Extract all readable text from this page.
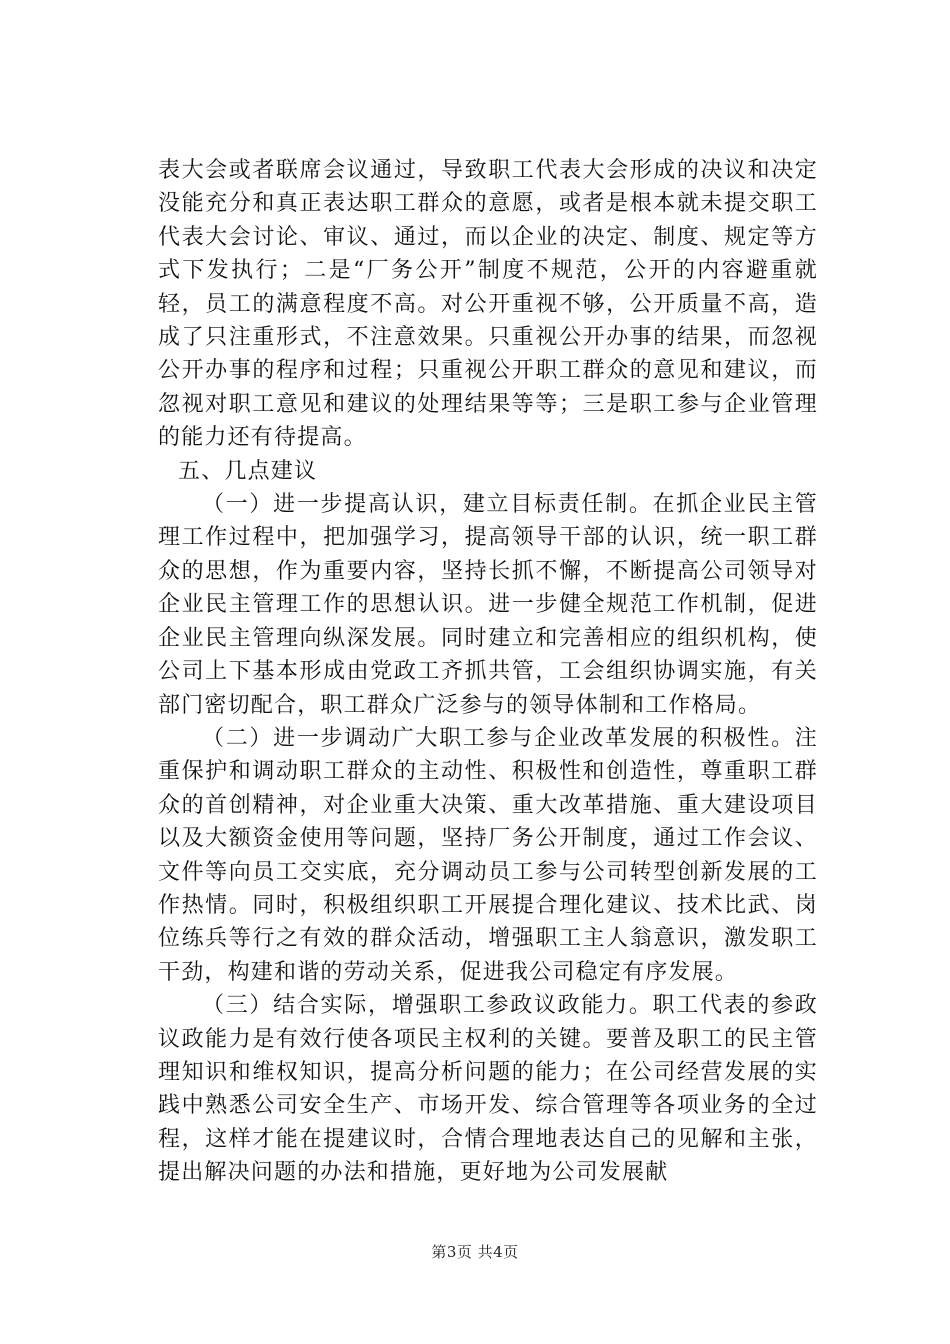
表大会或者联席会议通过，导致职工代表大会形成的决议和决定没能充分和真正表达职工群众的意愿，或者是根本就未提交职工代表大会讨论、审议、通过，而以企业的决定、制度、规定等方式下发执行；二是“厂务公开”制度不规范，公开的内容避重就轻，员工的满意程度不高。对公开重视不够，公开质量不高，造成了只注重形式，不注意效果。只重视公开办事的结果，而忽视公开办事的程序和过程；只重视公开职工群众的意见和建议，而忽视对职工意见和建议的处理结果等等；三是职工参与企业管理的能力还有待提高。

五、几点建议

（一）进一步提高认识，建立目标责任制。在抓企业民主管理工作过程中，把加强学习，提高领导干部的认识，统一职工群众的思想，作为重要内容，坚持长抓不懈，不断提高公司领导对企业民主管理工作的思想认识。进一步健全规范工作机制，促进企业民主管理向纵深发展。同时建立和完善相应的组织机构，使公司上下基本形成由党政工齐抓共管，工会组织协调实施，有关部门密切配合，职工群众广泛参与的领导体制和工作格局。

（二）进一步调动广大职工参与企业改革发展的积极性。注重保护和调动职工群众的主动性、积极性和创造性，尊重职工群众的首创精神，对企业重大决策、重大改革措施、重大建设项目以及大额资金使用等问题，坚持厂务公开制度，通过工作会议、文件等向员工交实底，充分调动员工参与公司转型创新发展的工作热情。同时，积极组织职工开展提合理化建议、技术比武、岗位练兵等行之有效的群众活动，增强职工主人翁意识，激发职工干劲，构建和谐的劳动关系，促进我公司稳定有序发展。

（三）结合实际，增强职工参政议政能力。职工代表的参政议政能力是有效行使各项民主权利的关键。要普及职工的民主管理知识和维权知识，提高分析问题的能力；在公司经营发展的实践中熟悉公司安全生产、市场开发、综合管理等各项业务的全过程，这样才能在提建议时，合情合理地表达自己的见解和主张，提出解决问题的办法和措施，更好地为公司发展献

第3页 共4页
